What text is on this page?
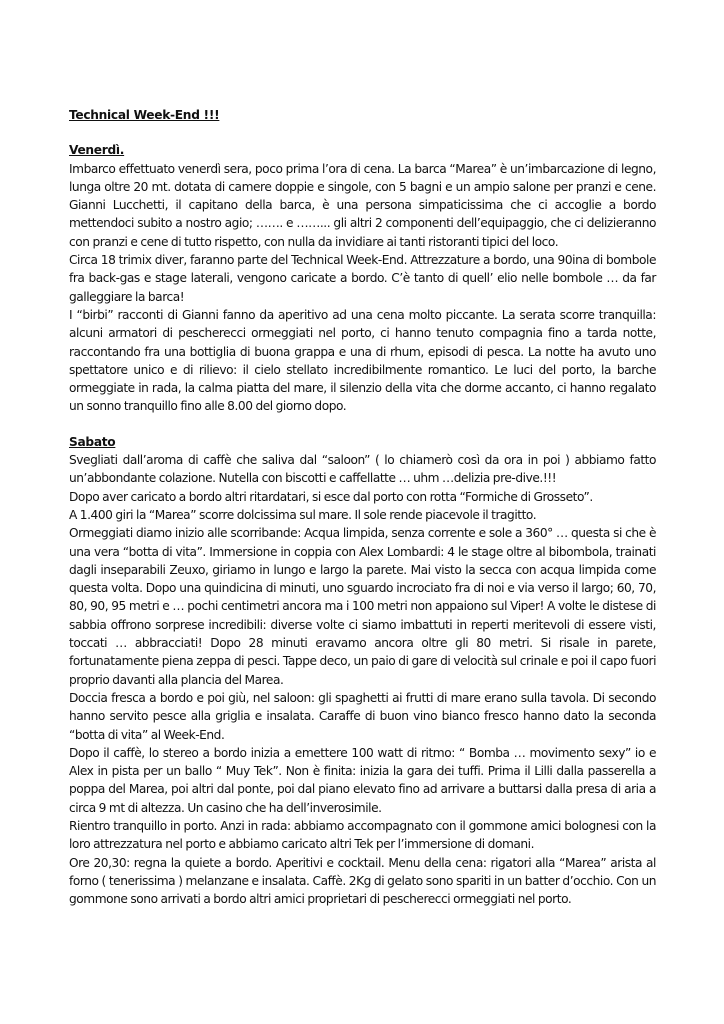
Technical Week-End !!!

Venerdì.

Imbarco effettuato venerdì sera, poco prima l’ora di cena. La barca “Marea” è un’imbarcazione di legno, lunga oltre 20 mt. dotata di camere doppie e singole, con 5 bagni e un ampio salone per pranzi e cene. Gianni Lucchetti, il capitano della barca, è una persona simpaticissima che ci accoglie a bordo mettendoci subito a nostro agio; ……. e ……... gli altri 2 componenti dell’equipaggio, che ci delizieranno con pranzi e cene di tutto rispetto, con nulla da invidiare ai tanti ristoranti tipici del loco.

Circa 18 trimix diver, faranno parte del Technical Week-End. Attrezzature a bordo, una 90ina di bombole fra back-gas e stage laterali, vengono caricate a bordo. C’è tanto di quell’ elio nelle bombole … da far galleggiare la barca!

I “birbi” racconti di Gianni fanno da aperitivo ad una cena molto piccante. La serata scorre tranquilla: alcuni armatori di pescherecci ormeggiati nel porto, ci hanno tenuto compagnia fino a tarda notte, raccontando fra una bottiglia di buona grappa e una di rhum, episodi di pesca. La notte ha avuto uno spettatore unico e di rilievo: il cielo stellato incredibilmente romantico. Le luci del porto, la barche ormeggiate in rada, la calma piatta del mare, il silenzio della vita che dorme accanto, ci hanno regalato un sonno tranquillo fino alle 8.00 del giorno dopo.

Sabato

Svegliati dall’aroma di caffè che saliva dal “saloon” ( lo chiamerò così da ora in poi ) abbiamo fatto un’abbondante colazione. Nutella con biscotti e caffellatte … uhm …delizia pre-dive.!!!

Dopo aver caricato a bordo altri ritardatari, si esce dal porto con rotta “Formiche di Grosseto”.

A 1.400 giri la “Marea” scorre dolcissima sul mare. Il sole rende piacevole il tragitto.

Ormeggiati diamo inizio alle scorribande: Acqua limpida, senza corrente e sole a 360° … questa si che è una vera “botta di vita”. Immersione in coppia con Alex Lombardi: 4 le stage oltre al bibombola, trainati dagli inseparabili Zeuxo, giriamo in lungo e largo la parete. Mai visto la secca con acqua limpida come questa volta. Dopo una quindicina di minuti, uno sguardo incrociato fra di noi e via verso il largo; 60, 70, 80, 90, 95 metri e … pochi centimetri ancora ma i 100 metri non appaiono sul Viper! A volte le distese di sabbia offrono sorprese incredibili: diverse volte ci siamo imbattuti in reperti meritevoli di essere visti, toccati … abbracciati! Dopo 28 minuti eravamo ancora oltre gli 80 metri. Si risale in parete, fortunatamente piena zeppa di pesci. Tappe deco, un paio di gare di velocità sul crinale e poi il capo fuori proprio davanti alla plancia del Marea.

Doccia fresca a bordo e poi giù, nel saloon: gli spaghetti ai frutti di mare erano sulla tavola. Di secondo hanno servito pesce alla griglia e insalata. Caraffe di buon vino bianco fresco hanno dato la seconda “botta di vita” al Week-End.

Dopo il caffè, lo stereo a bordo inizia a emettere 100 watt di ritmo: “ Bomba … movimento sexy” io e Alex in pista per un ballo “ Muy Tek”. Non è finita: inizia la gara dei tuffi. Prima il Lilli dalla passerella a poppa del Marea, poi altri dal ponte, poi dal piano elevato fino ad arrivare a buttarsi dalla presa di aria a circa 9 mt di altezza. Un casino che ha dell’inverosimile.

Rientro tranquillo in porto. Anzi in rada: abbiamo accompagnato con il gommone amici bolognesi con la loro attrezzatura nel porto e abbiamo caricato altri Tek per l’immersione di domani.

Ore 20,30: regna la quiete a bordo. Aperitivi e cocktail. Menu della cena: rigatori alla “Marea” arista al forno ( tenerissima ) melanzane e insalata. Caffè. 2Kg di gelato sono spariti in un batter d’occhio. Con un gommone sono arrivati a bordo altri amici proprietari di pescherecci ormeggiati nel porto.
